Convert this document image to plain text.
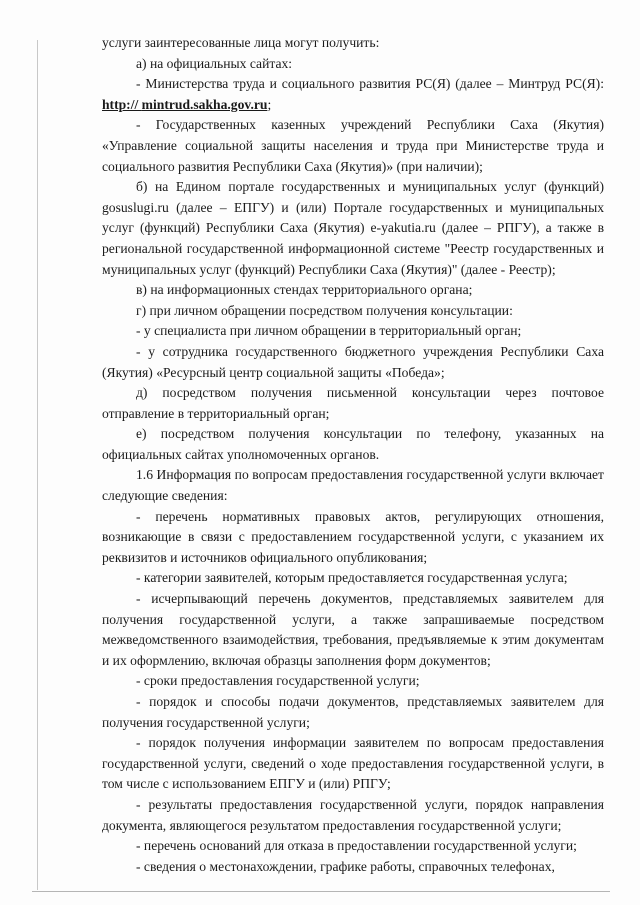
услуги заинтересованные лица могут получить:

а) на официальных сайтах:

- Министерства труда и социального развития РС(Я) (далее – Минтруд РС(Я): http:// mintrud.sakha.gov.ru;

- Государственных казенных учреждений Республики Саха (Якутия) «Управление социальной защиты населения и труда при Министерстве труда и социального развития Республики Саха (Якутия)» (при наличии);

б) на Едином портале государственных и муниципальных услуг (функций) gosuslugi.ru (далее – ЕПГУ) и (или) Портале государственных и муниципальных услуг (функций) Республики Саха (Якутия) e-yakutia.ru (далее – РПГУ), а также в региональной государственной информационной системе "Реестр государственных и муниципальных услуг (функций) Республики Саха (Якутия)" (далее - Реестр);

в) на информационных стендах территориального органа;

г) при личном обращении посредством получения консультации:

- у специалиста при личном обращении в территориальный орган;

- у сотрудника государственного бюджетного учреждения Республики Саха (Якутия) «Ресурсный центр социальной защиты «Победа»;

д) посредством получения письменной консультации через почтовое отправление в территориальный орган;

е) посредством получения консультации по телефону, указанных на официальных сайтах уполномоченных органов.

1.6 Информация по вопросам предоставления государственной услуги включает следующие сведения:

- перечень нормативных правовых актов, регулирующих отношения, возникающие в связи с предоставлением государственной услуги, с указанием их реквизитов и источников официального опубликования;

- категории заявителей, которым предоставляется государственная услуга;

- исчерпывающий перечень документов, представляемых заявителем для получения государственной услуги, а также запрашиваемые посредством межведомственного взаимодействия, требования, предъявляемые к этим документам и их оформлению, включая образцы заполнения форм документов;

- сроки предоставления государственной услуги;

- порядок и способы подачи документов, представляемых заявителем для получения государственной услуги;

- порядок получения информации заявителем по вопросам предоставления государственной услуги, сведений о ходе предоставления государственной услуги, в том числе с использованием ЕПГУ и (или) РПГУ;

- результаты предоставления государственной услуги, порядок направления документа, являющегося результатом предоставления государственной услуги;

- перечень оснований для отказа в предоставлении государственной услуги;

- сведения о местонахождении, графике работы, справочных телефонах,
